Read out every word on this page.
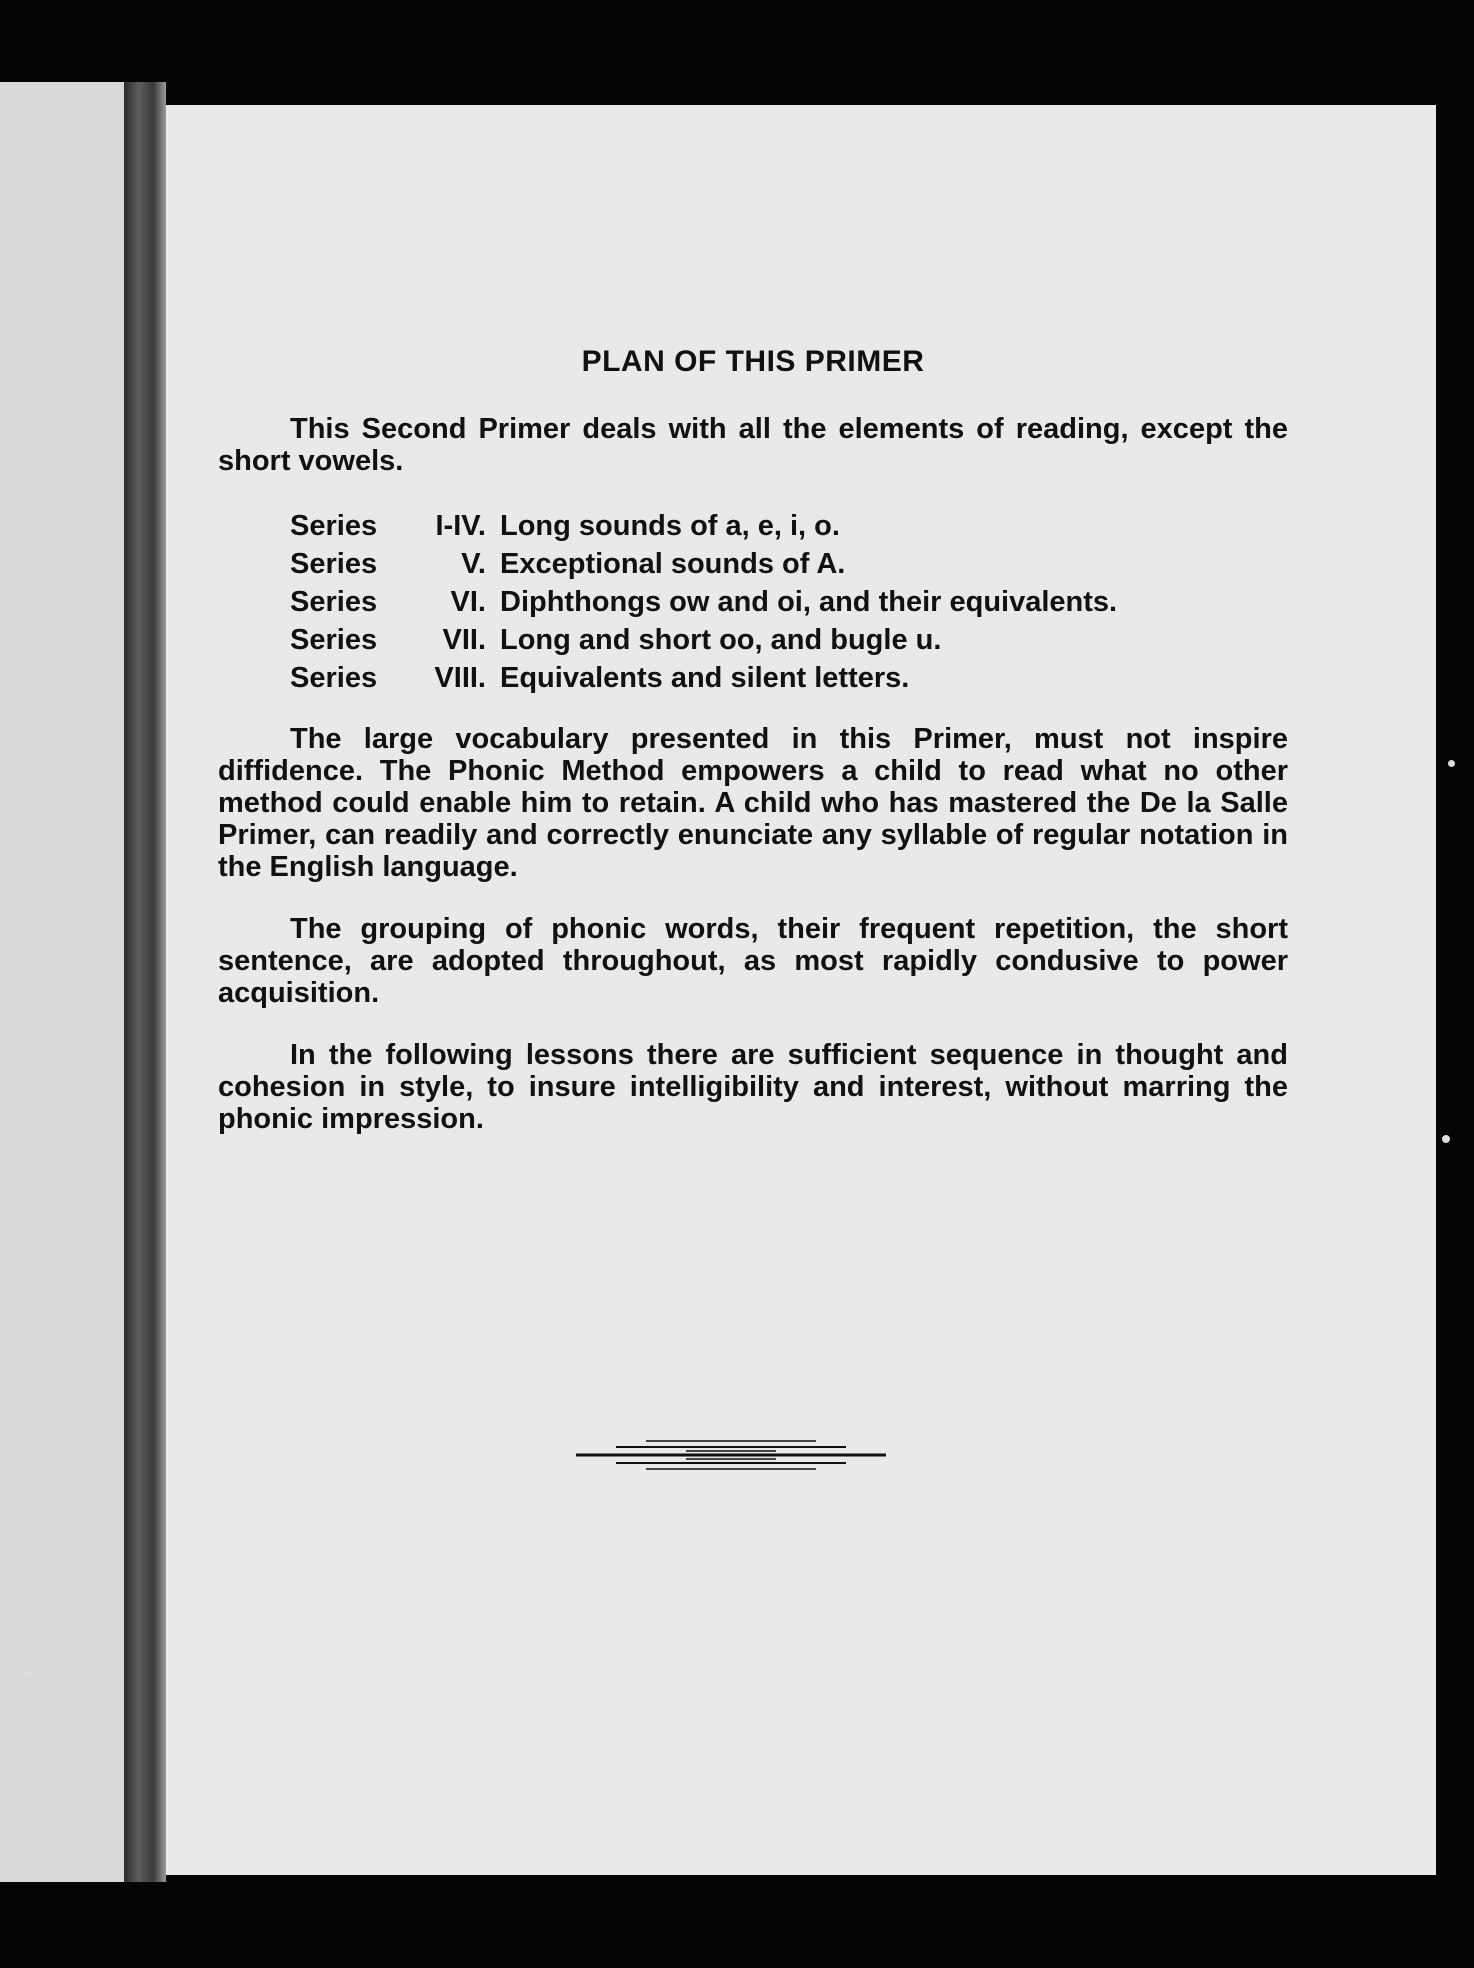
PLAN OF THIS PRIMER

This Second Primer deals with all the elements of reading, except the short vowels.

Series	I-IV. Long sounds of a, e, i, o.
Series	V. Exceptional sounds of A.
Series	VI. Diphthongs ow and oi, and their equivalents.
Series	VII. Long and short oo, and bugle u.
Series	VIII. Equivalents and silent letters.

The large vocabulary presented in this Primer, must not inspire diffidence. The Phonic Method empowers a child to read what no other method could enable him to retain. A child who has mastered the De la Salle Primer, can readily and correctly enunciate any syllable of regular notation in the English language.

The grouping of phonic words, their frequent repetition, the short sentence, are adopted throughout, as most rapidly condusive to power acquisition.

In the following lessons there are sufficient sequence in thought and cohesion in style, to insure intelligibility and interest, without marring the phonic impression.
